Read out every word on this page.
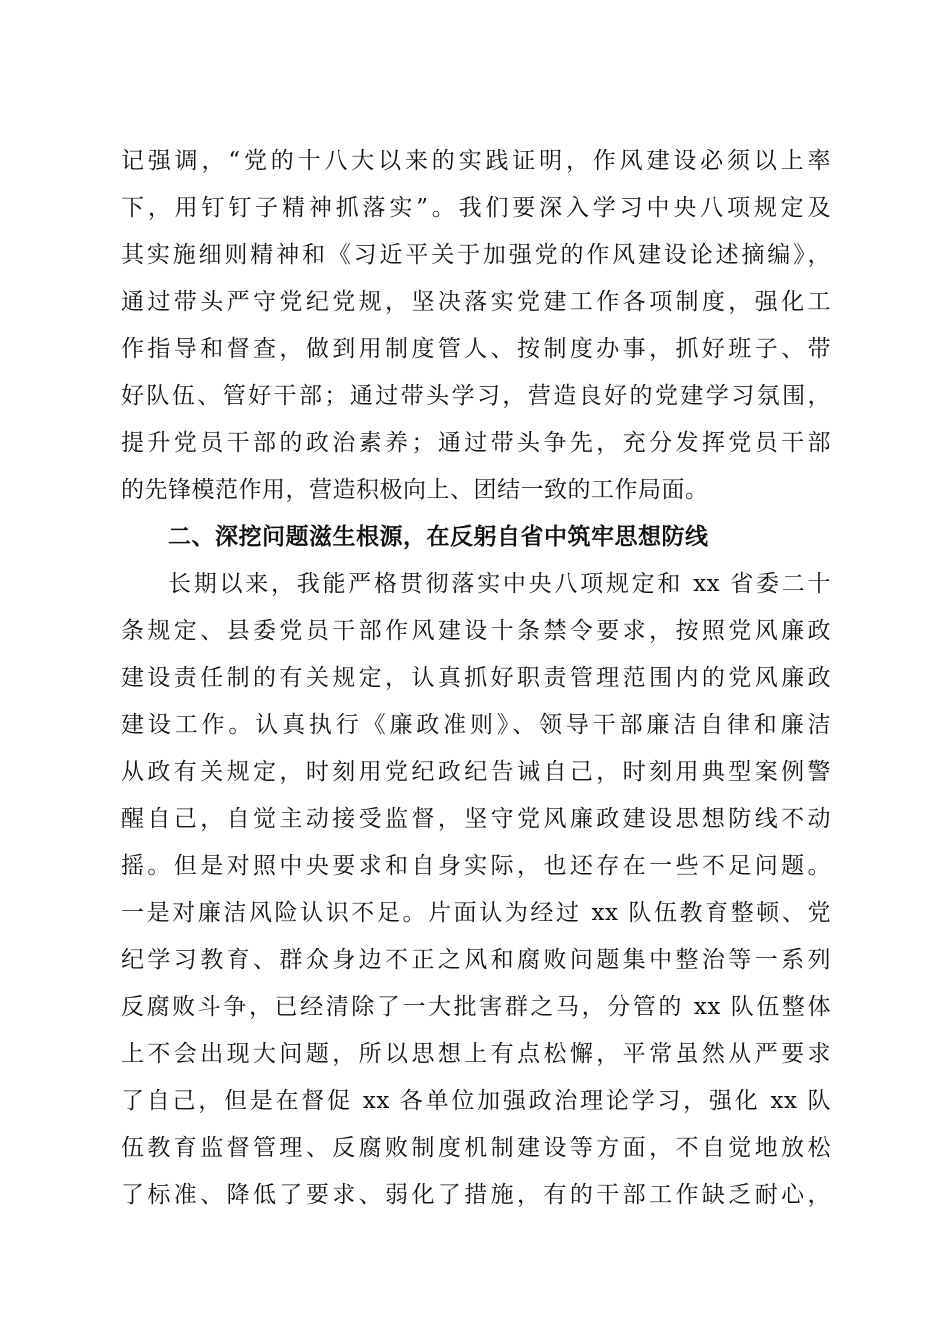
记强调，“党的十八大以来的实践证明，作风建设必须以上率
下，用钉钉子精神抓落实”。我们要深入学习中央八项规定及
其实施细则精神和《习近平关于加强党的作风建设论述摘编》，
通过带头严守党纪党规，坚决落实党建工作各项制度，强化工
作指导和督查，做到用制度管人、按制度办事，抓好班子、带
好队伍、管好干部；通过带头学习，营造良好的党建学习氛围，
提升党员干部的政治素养；通过带头争先，充分发挥党员干部
的先锋模范作用，营造积极向上、团结一致的工作局面。
二、深挖问题滋生根源，在反躬自省中筑牢思想防线
长期以来，我能严格贯彻落实中央八项规定和 xx 省委二十
条规定、县委党员干部作风建设十条禁令要求，按照党风廉政
建设责任制的有关规定，认真抓好职责管理范围内的党风廉政
建设工作。认真执行《廉政准则》、领导干部廉洁自律和廉洁
从政有关规定，时刻用党纪政纪告诫自己，时刻用典型案例警
醒自己，自觉主动接受监督，坚守党风廉政建设思想防线不动
摇。但是对照中央要求和自身实际，也还存在一些不足问题。
一是对廉洁风险认识不足。片面认为经过 xx 队伍教育整顿、党
纪学习教育、群众身边不正之风和腐败问题集中整治等一系列
反腐败斗争，已经清除了一大批害群之马，分管的 xx 队伍整体
上不会出现大问题，所以思想上有点松懈，平常虽然从严要求
了自己，但是在督促 xx 各单位加强政治理论学习，强化 xx 队
伍教育监督管理、反腐败制度机制建设等方面，不自觉地放松
了标准、降低了要求、弱化了措施，有的干部工作缺乏耐心，
